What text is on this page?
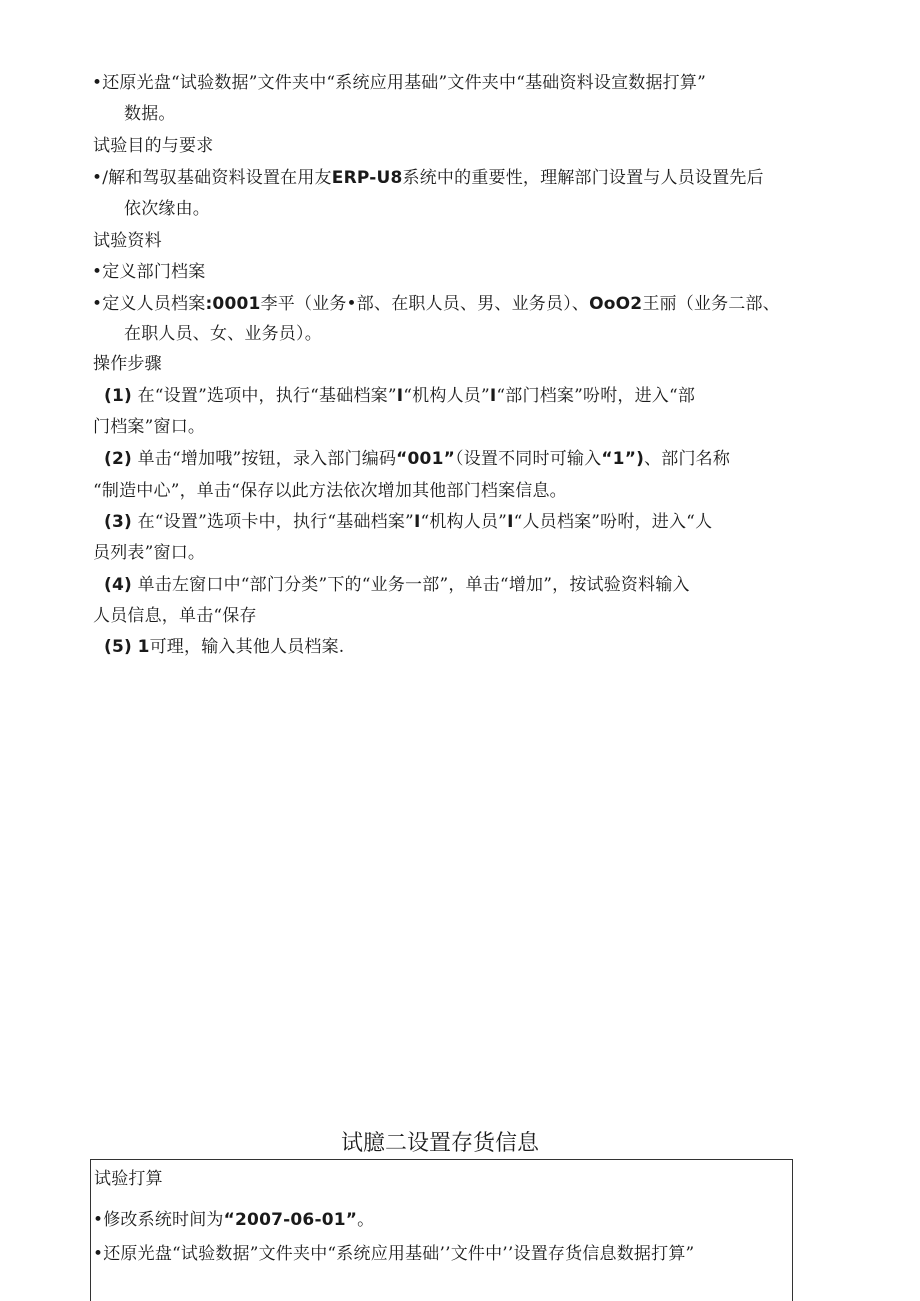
•还原光盘“试验数据”文件夹中“系统应用基础”文件夹中“基础资料设宣数据打算”
数据。
试验目的与要求
•/解和驾驭基础资料设置在用友ERP-U8系统中的重要性，理解部门设置与人员设置先后
依次缘由。
试验资料
•定义部门档案
•定义人员档案:0001李平（业务•部、在职人员、男、业务员）、OoO2王丽（业务二部、
在职人员、女、业务员）。
操作步骤
(1) 在“设置”选项中，执行“基础档案”I“机构人员”I“部门档案”吩咐，进入“部
门档案”窗口。
(2) 单击“增加哦”按钮，录入部门编码“001”（设置不同时可输入“1”)、部门名称
“制造中心”，单击“保存以此方法依次增加其他部门档案信息。
(3) 在“设置”选项卡中，执行“基础档案”I“机构人员”I“人员档案”吩咐，进入“人
员列表”窗口。
(4) 单击左窗口中“部门分类”下的“业务一部”，单击“增加”，按试验资料输入
人员信息，单击“保存
(5) 1可理，输入其他人员档案.
试臆二设置存货信息
试验打算
•修改系统时间为“2007-06-01”。
•还原光盘“试验数据”文件夹中“系统应用基础’’文件中’’设置存货信息数据打算”
